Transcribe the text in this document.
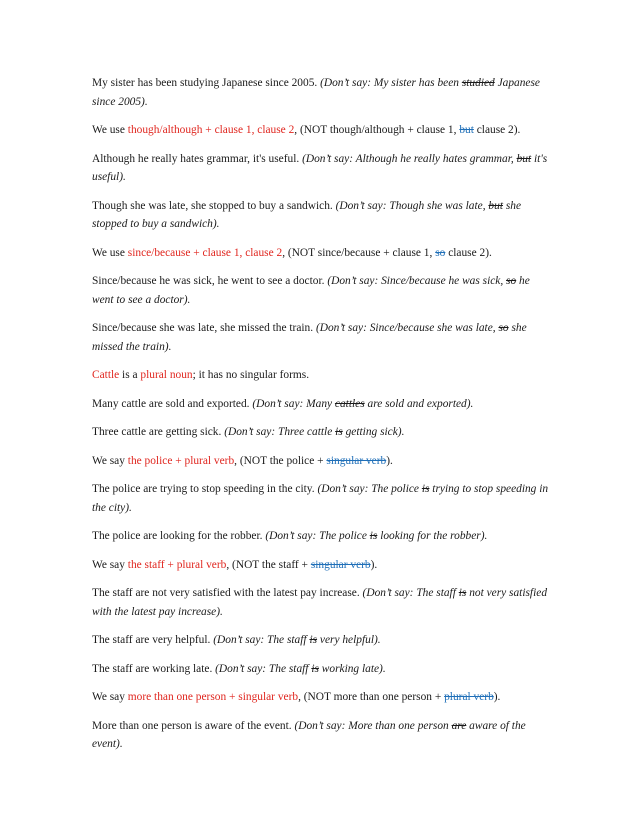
My sister has been studying Japanese since 2005. (Don’t say: My sister has been studied Japanese since 2005).

We use though/although + clause 1, clause 2, (NOT though/although + clause 1, but clause 2).

Although he really hates grammar, it's useful. (Don’t say: Although he really hates grammar, but it's useful).

Though she was late, she stopped to buy a sandwich. (Don’t say: Though she was late, but she stopped to buy a sandwich).

We use since/because + clause 1, clause 2, (NOT since/because + clause 1, so clause 2).

Since/because he was sick, he went to see a doctor. (Don’t say: Since/because he was sick, so he went to see a doctor).

Since/because she was late, she missed the train. (Don’t say: Since/because she was late, so she missed the train).

Cattle is a plural noun; it has no singular forms.

Many cattle are sold and exported. (Don’t say: Many cattles are sold and exported).

Three cattle are getting sick. (Don’t say: Three cattle is getting sick).

We say the police + plural verb, (NOT the police + singular verb).

The police are trying to stop speeding in the city. (Don’t say: The police is trying to stop speeding in the city).

The police are looking for the robber. (Don’t say: The police is looking for the robber).

We say the staff + plural verb, (NOT the staff + singular verb).

The staff are not very satisfied with the latest pay increase. (Don’t say: The staff is not very satisfied with the latest pay increase).

The staff are very helpful. (Don’t say: The staff is very helpful).

The staff are working late. (Don’t say: The staff is working late).

We say more than one person + singular verb, (NOT more than one person + plural verb).

More than one person is aware of the event. (Don’t say: More than one person are aware of the event).
